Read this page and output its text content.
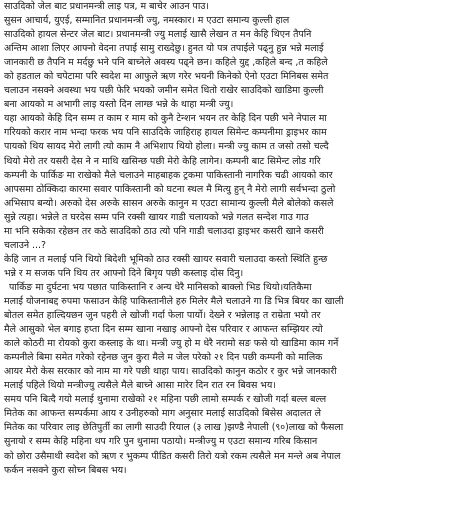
साउदिको जेल बाट प्रधानमन्त्री लाइ पत्र, म बाचेर आउन पाउ।
सुसन आचार्य, युएई, सम्मानित प्रधानमन्त्री ज्यु, नमस्कार। म एउटा समान्य कुल्ली हाल
साउदिको हायल सेन्टर जेल बाट। प्रधानमन्त्री ज्यु मलाई खासै लेखन त मन केहि थिएन तैपनि
अन्तिम आशा लिएर आफ्नो वेदना तपाई सामु राख्देछु। हुनत यो पत्र तपाईले पढ्नु हुन्न भन्ने मलाई
जानकारी छ तैपनि म मर्दछु भने पनि बाच्नेले अवस्य पढ्ने छन। कहिले युद्द ,कहिले बन्द ,त कहिले
को हडताल को चपेटामा परि स्वदेश मा आफुले ऋण गरेर भयनी किनेको ऐनो एउटा मिनिबस समेत
चलाउन नसक्ने अवस्था भय पछी फेरि भयको जमीन समेत धितो राखेर साउदिको खाडिमा कुल्ली
बना आयको म अभागी लाइ यस्तो दिन लाग्छ भन्ने के थाहा मन्त्री ज्यु।
यहा आयको केहि दिन सम्म त काम र माम को कुनै टेन्शन भयन तर केहि दिन पछी भने नेपाल मा
गरियको करार नाम भन्दा फरक भय पनि साउदिके जाहिराह हायल सिमेन्ट कम्पनीमा ड्राइभर काम
पायको थिय सायद मेरो लागी त्यो काम नै अभिशाप थियो होला। मन्त्री ज्यु काम त जसो तसो चल्दै
थियो मेरो तर यसरी देस ने न माथि खसिन्छ पछी मेरो केहि लागेन। कम्पनी बाट सिमेन्ट लोड गरि
कम्पनी के पार्किङ मा राखेको मैले चलाउने माहबाहक ट्रकमा पाकिस्तानी नागरिक चढी आयको कार
आपसमा ठोक्किदा कारमा सवार पाकिस्तानी को घटना स्थल मै मित्यु हुन् नै मेरो लागी सर्वभन्दा ठुलो
अभिसाप बन्यो। अरुको देस अरुके सासन अरुके कानुन म एउटा सामान्य कुल्ली मैले बोलेको कसले
सुन्ने त्यहा। भन्नेले त घरदेस सम्म पनि रक्सी खायर गाडी चलायको भन्ने गलत सन्देश गाउ गाउ
मा भनि सकेका रहेछन तर कठे साउदिको ठाउ त्यो पनि गाडी चलाउदा ड्राइभर कसरी खाने कसरी
चलाउने ...?
केहि जान त मलाई पनि थियो बिदेशी भूमिको ठाउ रक्सी खायर सवारी चलाउदा कस्तो स्थिति हुन्छ
भन्ने र म सजक पनि थिय तर आफ्नो दिने बिगृय पछी कस्लाइ दोस दिनु।
पार्किङ मा दुर्घटना भय पछात पाकिस्तानि र अन्य धेरै मानिसको बाक्लो भिड थियो।यतिकैमा
मलाई योजनाबद्द रुपमा फसाउन केहि पाकिस्तानीले हरु मिलेर मैले चलाउने गा डि भित्र बियर का खाली
बोतल समेत हाल्दियछन जुन पहरी ले खोजी गर्दा फेला पार्यो। देख्ने र भन्नेलाइ त राम्रेता भयो तर
मैले आसुको भेल बगाइ हप्ता दिन सम्म खाना नखाइ आफ्नो देस परिवार र आफन्त सम्झियर त्यो
काले कोठरी मा रोयको कुरा कस्लाइ के था। मन्त्री ज्यु हो म धेरै नरामो सङ फसे यो खाडिमा काम गर्ने
कम्पनीले बिमा समेत गरेको रहेनछ जुन कुरा मैले म जेल परेको २१ दिन पछी कम्पनी को मालिक
आयर मेरो केस सरकार को नाम मा गरे पछी थाहा पाय। साउदिको कानुन कठोर र कुर भन्ने जानकारी
मलाई पहिले थियो मन्त्रीज्यु त्यसैले मैले बाच्ने आसा मारेर दिन रात रन बिवस भय।
समय पनि बित्दै गयो मलाई थुनामा राखेको २१ महिना पछी लामो सम्पर्क र खोजी गर्दा बल्ल बल्ल
मितेक का आफन्त सम्पर्कमा आय र उनीहरुको माग अनुसार मलाई साउदिको बिसेस अदालत ले
मितेक का परिवार लाइ छेतिपुर्ती का लागी साउदी रियाल (३ लाख )झण्डै नेपाली (९०)लाख को फैसला
सुनायो र सम्म केहि महिना थप गरि पुन थुनामा पठायो। मन्त्रीज्यु म एउटा समान्य गरिब किसान
को छोरा उसैमाथी स्वदेश को ऋण र भुकम्प पीडित कसरी तिरो यत्रो रकम त्यसैले मन मन्ले अब नेपाल
फर्कन नसक्ने कुरा सोच्न बिबस भय।
